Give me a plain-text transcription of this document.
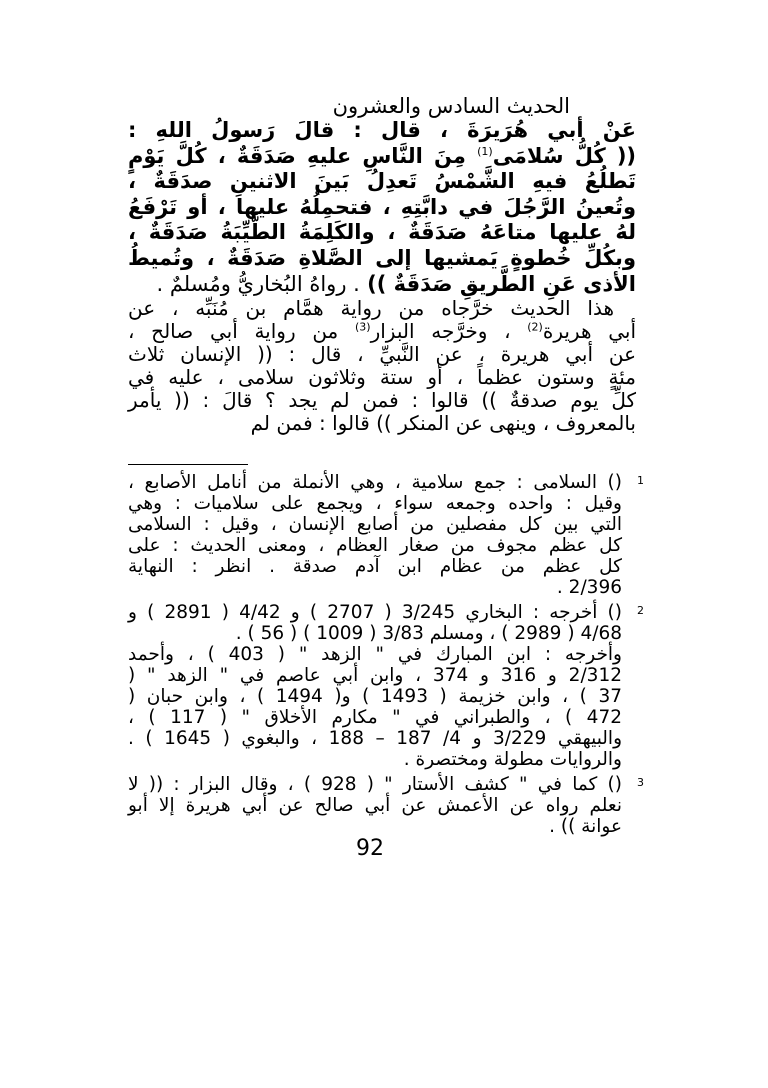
الحديث السادس والعشرون

عَنْ أبي هُرَيرَةَ ، قال : قالَ رَسولُ اللهِ :

(( كُلُّ سُلامَى$^{(1)}$ مِنَ النَّاسِ عليهِ صَدَقَةٌ ، كُلَّ يَوْمٍ

تَطلُعُ فيهِ الشَّمْسُ تَعدِلُ بَينَ الاثنينِ صدَقَةٌ ،

وتُعينُ الرَّجُلَ في دابَّتِهِ ، فتحمِلُهُ عليها ، أو تَرْفَعُ

لهُ عليها متاعَهُ صَدَقَةٌ ، والكَلِمَةُ الطَّيِّبَةُ صَدَقَةٌ ،

وبكُلِّ خُطوةٍ يَمشيها إلى الصَّلاةِ صَدَقَةٌ ، وتُميطُ

الأذى عَنِ الطَّريقِ صَدَقَةٌ )) . رواهُ البُخاريُّ ومُسلمٌ .

هذا الحديث خرَّجاه من رواية همَّام بن مُنَبِّه ، عن

أبي هريرة$^{(2)}$ ، وخرَّجه البزار$^{(3)}$ من رواية أبي صالح ،

عن أبي هريرة ، عن النَّبيِّ ، قال : (( الإنسان ثلاث

مئةٍ وستون عظماً ، أو ستة وثلاثون سلامى ، عليه في

كلِّ يوم صدقةٌ )) قالوا : فمن لم يجد ؟ قالَ : (( يأمر

بالمعروف ، وينهى عن المنكر )) قالوا : فمن لم

1

() السلامى : جمع سلامية ، وهي الأنملة من أنامل الأصابع ،

وقيل : واحده وجمعه سواء ، ويجمع على سلاميات : وهي

التي بين كل مفصلين من أصابع الإنسان ، وقيل : السلامى

كل عظم مجوف من صغار العظام ، ومعنى الحديث : على

كل عظم من عظام ابن آدم صدقة . انظر : النهاية

2/396 .

2

() أخرجه : البخاري 3/245 ( 2707 ) و 4/42 ( 2891 ) و

4/68 ( 2989 ) ، ومسلم 3/83 ( 1009 ) ( 56 ) .

وأخرجه : ابن المبارك في " الزهد " ( 403 ) ، وأحمد

2/312 و 316 و 374 ، وابن أبي عاصم في " الزهد " (

37 ) ، وابن خزيمة ( 1493 ) و( 1494 ) ، وابن حبان (

472 ) ، والطبراني في " مكارم الأخلاق " ( 117 ) ،

والبيهقي 3/229 و 4/ 187 – 188 ، والبغوي ( 1645 ) .

والروايات مطولة ومختصرة .

3

() كما في " كشف الأستار " ( 928 ) ، وقال البزار : (( لا

نعلم رواه عن الأعمش عن أبي صالح عن أبي هريرة إلا أبو

عوانة )) .

92
